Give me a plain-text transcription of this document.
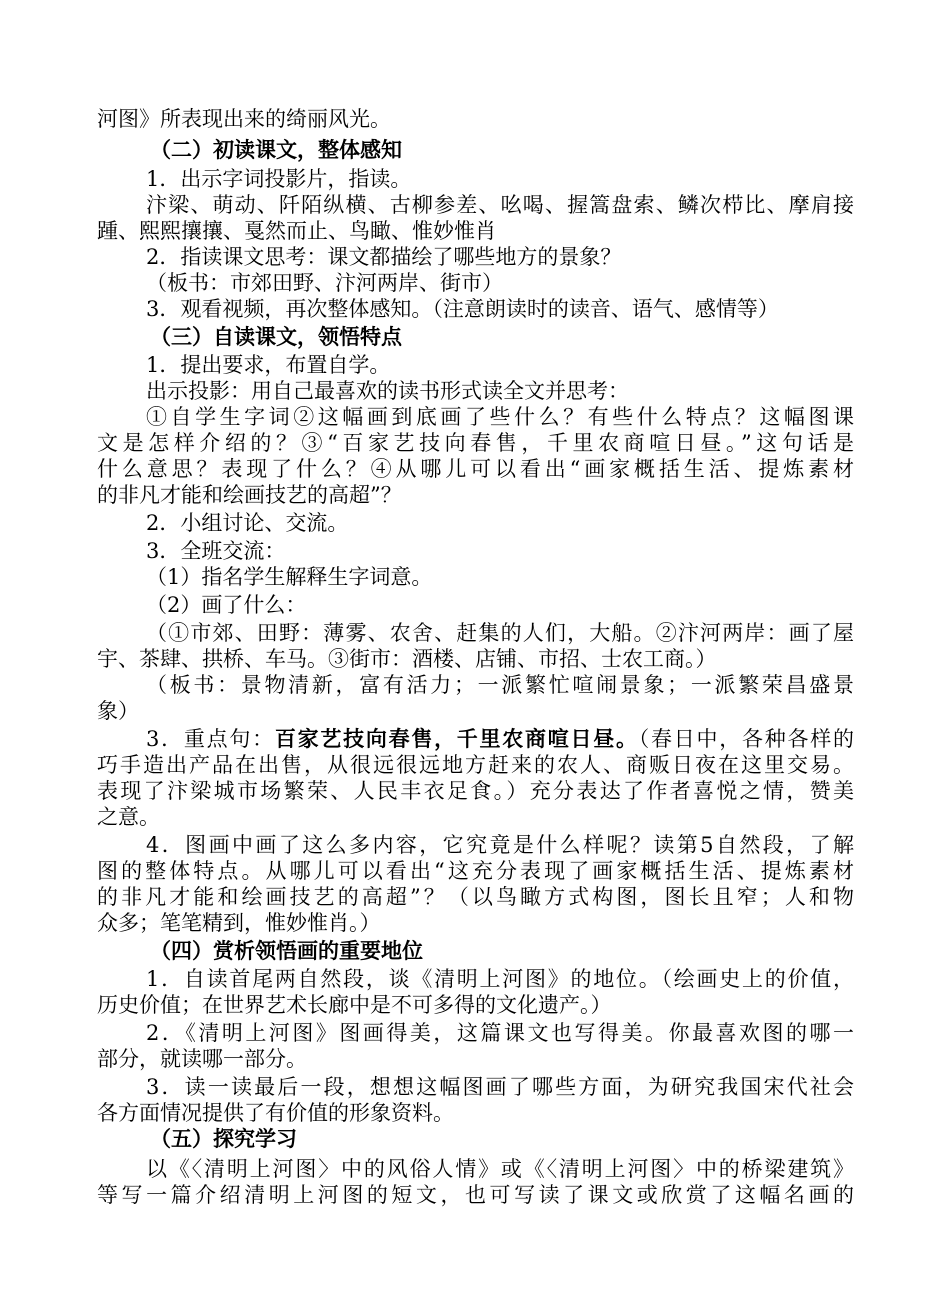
河图》所表现出来的绮丽风光。
（二）初读课文，整体感知
1．出示字词投影片，指读。
汴梁、萌动、阡陌纵横、古柳参差、吆喝、握篙盘索、鳞次栉比、摩肩接
踵、熙熙攘攘、戛然而止、鸟瞰、惟妙惟肖
2．指读课文思考：课文都描绘了哪些地方的景象？
（板书：市郊田野、汴河两岸、街市）
3．观看视频，再次整体感知。（注意朗读时的读音、语气、感情等）
（三）自读课文，领悟特点
1．提出要求，布置自学。
出示投影：用自己最喜欢的读书形式读全文并思考：
①自学生字词②这幅画到底画了些什么？有些什么特点？这幅图课
文是怎样介绍的？③“百家艺技向春售，千里农商喧日昼。”这句话是
什么意思？表现了什么？④从哪儿可以看出“画家概括生活、提炼素材
的非凡才能和绘画技艺的高超”？
2．小组讨论、交流。
3．全班交流：
（1）指名学生解释生字词意。
（2）画了什么：
（①市郊、田野：薄雾、农舍、赶集的人们，大船。②汴河两岸：画了屋
宇、茶肆、拱桥、车马。③街市：酒楼、店铺、市招、士农工商。）
（板书：景物清新，富有活力；一派繁忙喧闹景象；一派繁荣昌盛景
象）
3．重点句：百家艺技向春售，千里农商喧日昼。（春日中，各种各样的
巧手造出产品在出售，从很远很远地方赶来的农人、商贩日夜在这里交易。
表现了汴梁城市场繁荣、人民丰衣足食。）充分表达了作者喜悦之情，赞美
之意。
4．图画中画了这么多内容，它究竟是什么样呢？读第5自然段，了解
图的整体特点。从哪儿可以看出“这充分表现了画家概括生活、提炼素材
的非凡才能和绘画技艺的高超”？（以鸟瞰方式构图，图长且窄；人和物
众多；笔笔精到，惟妙惟肖。）
（四）赏析领悟画的重要地位
1．自读首尾两自然段，谈《清明上河图》的地位。（绘画史上的价值，
历史价值；在世界艺术长廊中是不可多得的文化遗产。）
2．《清明上河图》图画得美，这篇课文也写得美。你最喜欢图的哪一
部分，就读哪一部分。
3．读一读最后一段，想想这幅图画了哪些方面，为研究我国宋代社会
各方面情况提供了有价值的形象资料。
（五）探究学习
以《〈清明上河图〉中的风俗人情》或《〈清明上河图〉中的桥梁建筑》
等写一篇介绍清明上河图的短文，也可写读了课文或欣赏了这幅名画的
